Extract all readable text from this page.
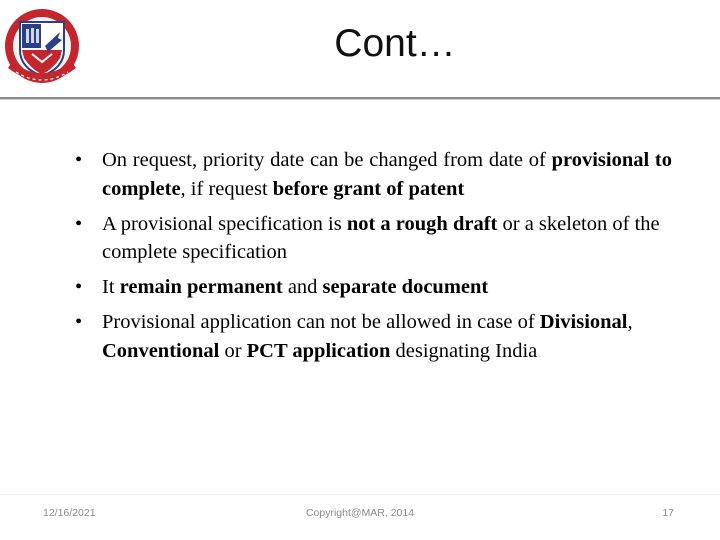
Cont…
• On request, priority date can be changed from date of provisional to complete, if request before grant of patent
• A provisional specification is not a rough draft or a skeleton of the complete specification
• It remain permanent and separate document
• Provisional application can not be allowed in case of Divisional, Conventional or PCT application designating India
12/16/2021	Copyright@MAR, 2014	17
